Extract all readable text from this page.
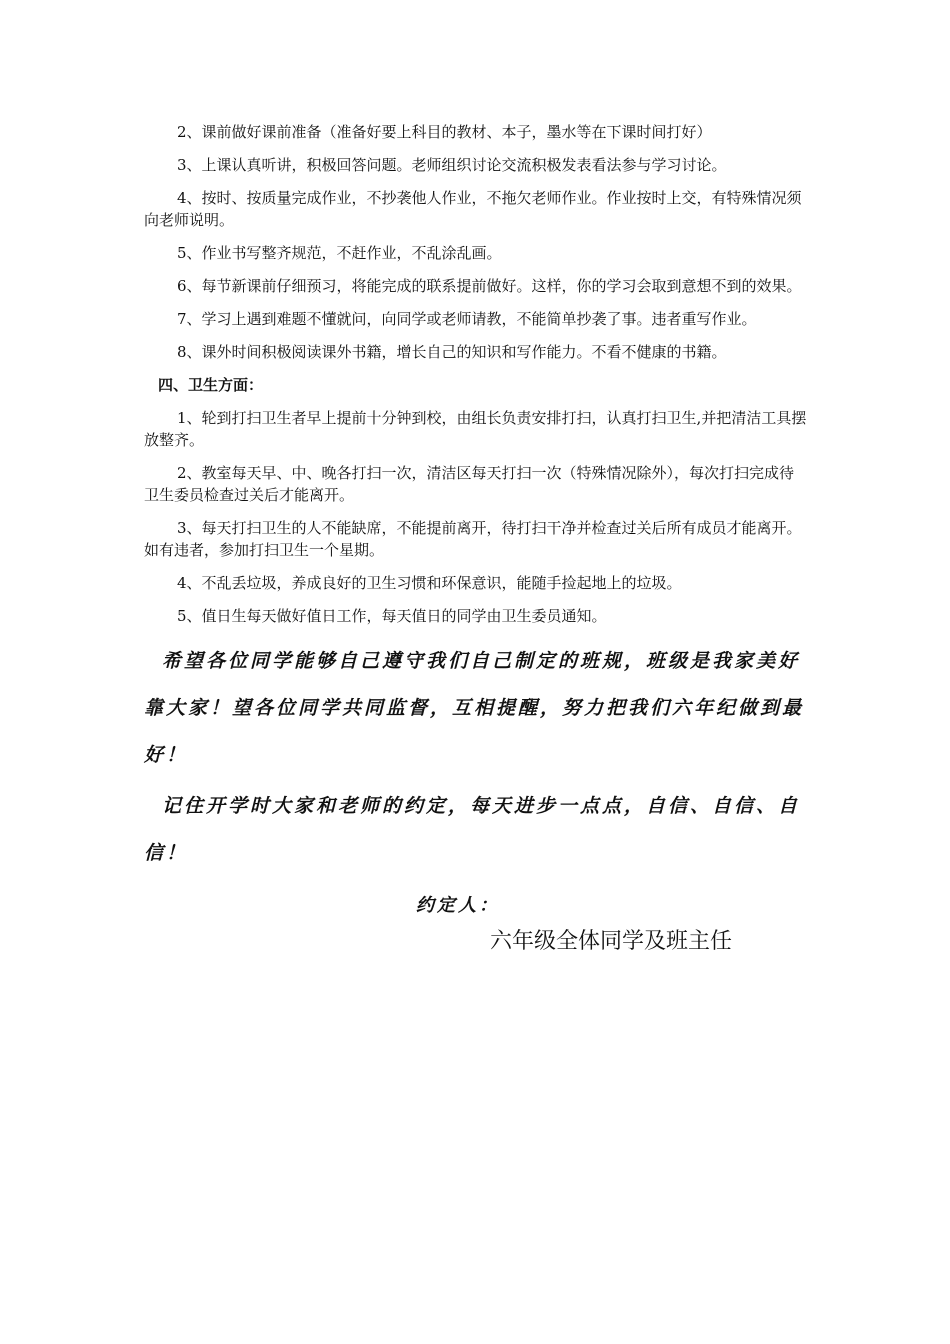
2、课前做好课前准备（准备好要上科目的教材、本子，墨水等在下课时间打好）

3、上课认真听讲，积极回答问题。老师组织讨论交流积极发表看法参与学习讨论。

4、按时、按质量完成作业，不抄袭他人作业，不拖欠老师作业。作业按时上交，有特殊情况须向老师说明。

5、作业书写整齐规范，不赶作业，不乱涂乱画。

6、每节新课前仔细预习，将能完成的联系提前做好。这样，你的学习会取到意想不到的效果。

7、学习上遇到难题不懂就问，向同学或老师请教，不能简单抄袭了事。违者重写作业。

8、课外时间积极阅读课外书籍，增长自己的知识和写作能力。不看不健康的书籍。

四、卫生方面：

1、轮到打扫卫生者早上提前十分钟到校，由组长负责安排打扫，认真打扫卫生,并把清洁工具摆放整齐。

2、教室每天早、中、晚各打扫一次，清洁区每天打扫一次（特殊情况除外），每次打扫完成待卫生委员检查过关后才能离开。

3、每天打扫卫生的人不能缺席，不能提前离开，待打扫干净并检查过关后所有成员才能离开。如有违者，参加打扫卫生一个星期。

4、不乱丢垃圾，养成良好的卫生习惯和环保意识，能随手捡起地上的垃圾。

5、值日生每天做好值日工作，每天值日的同学由卫生委员通知。

希望各位同学能够自己遵守我们自己制定的班规，班级是我家美好靠大家！望各位同学共同监督，互相提醒，努力把我们六年纪做到最好！

记住开学时大家和老师的约定，每天进步一点点，自信、自信、自信！

约定人：

六年级全体同学及班主任
